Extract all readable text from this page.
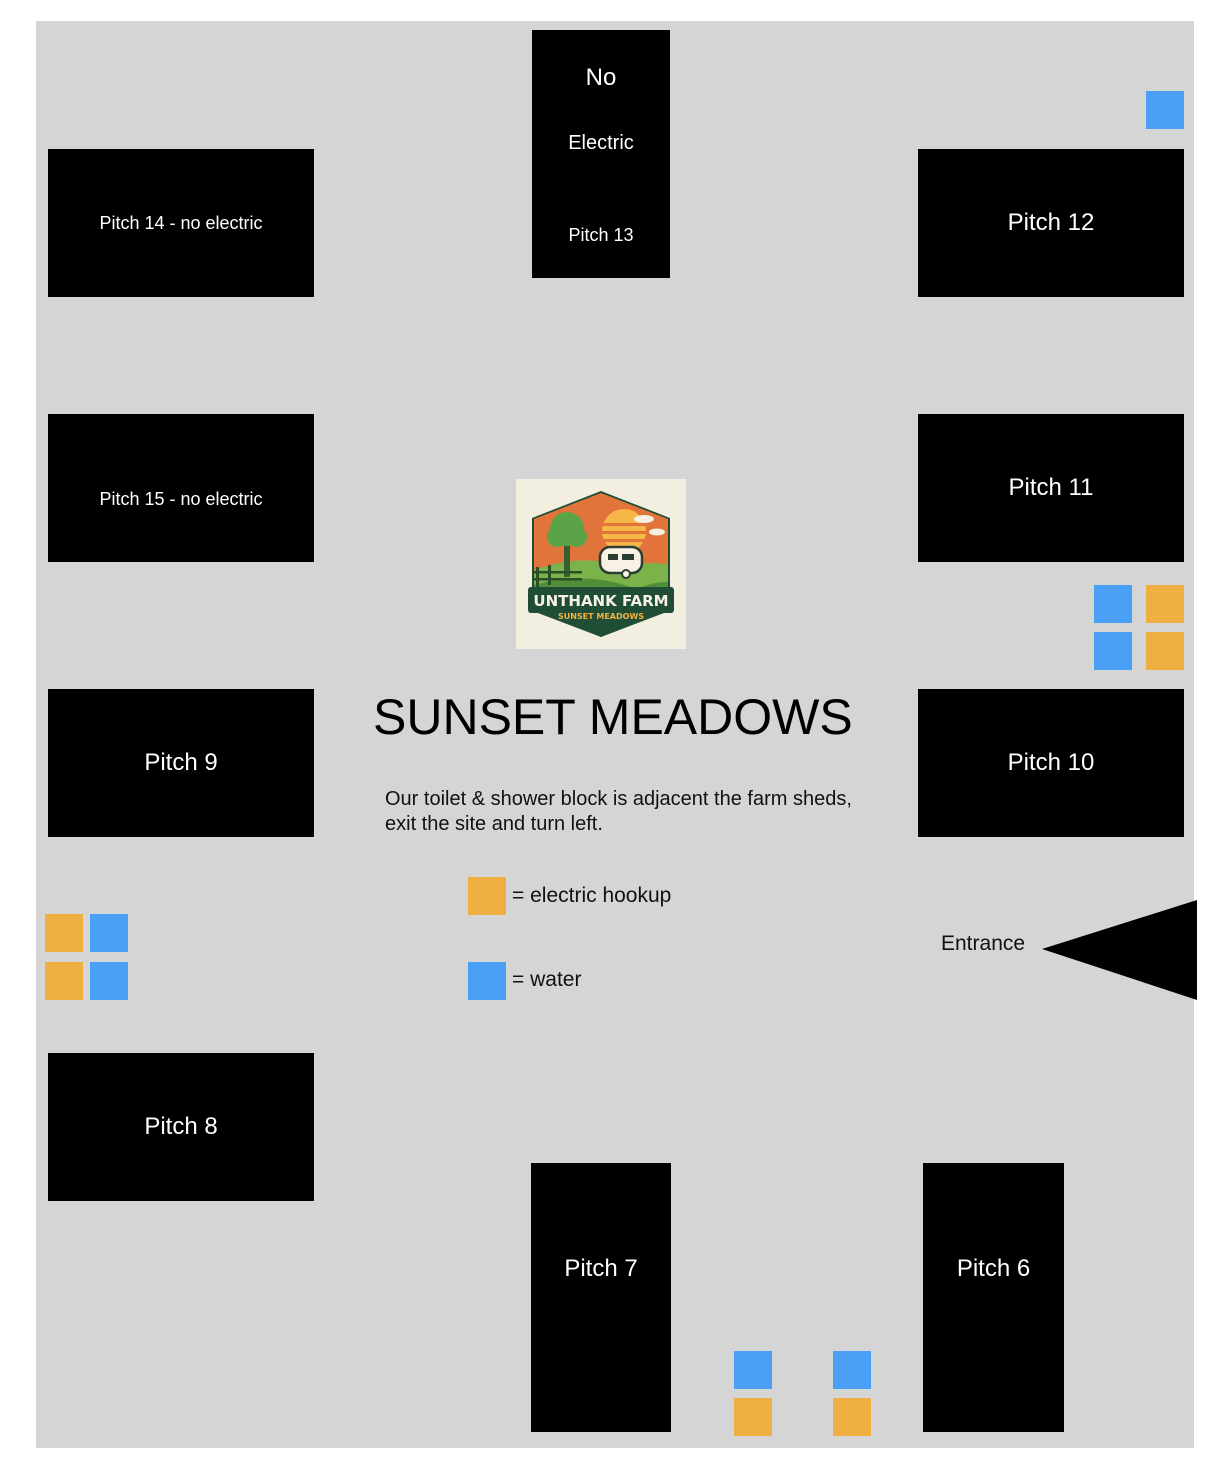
No
Electric
Pitch 13
Pitch 14 - no electric	Pitch 12
Pitch 15 - no electric	Pitch 11
Pitch 9	Pitch 10
Pitch 8
Pitch 7	Pitch 6
UNTHANK FARM
SUNSET MEADOWS
SUNSET MEADOWS
Our toilet & shower block is adjacent the farm sheds, exit the site and turn left.
= electric hookup
= water
Entrance
